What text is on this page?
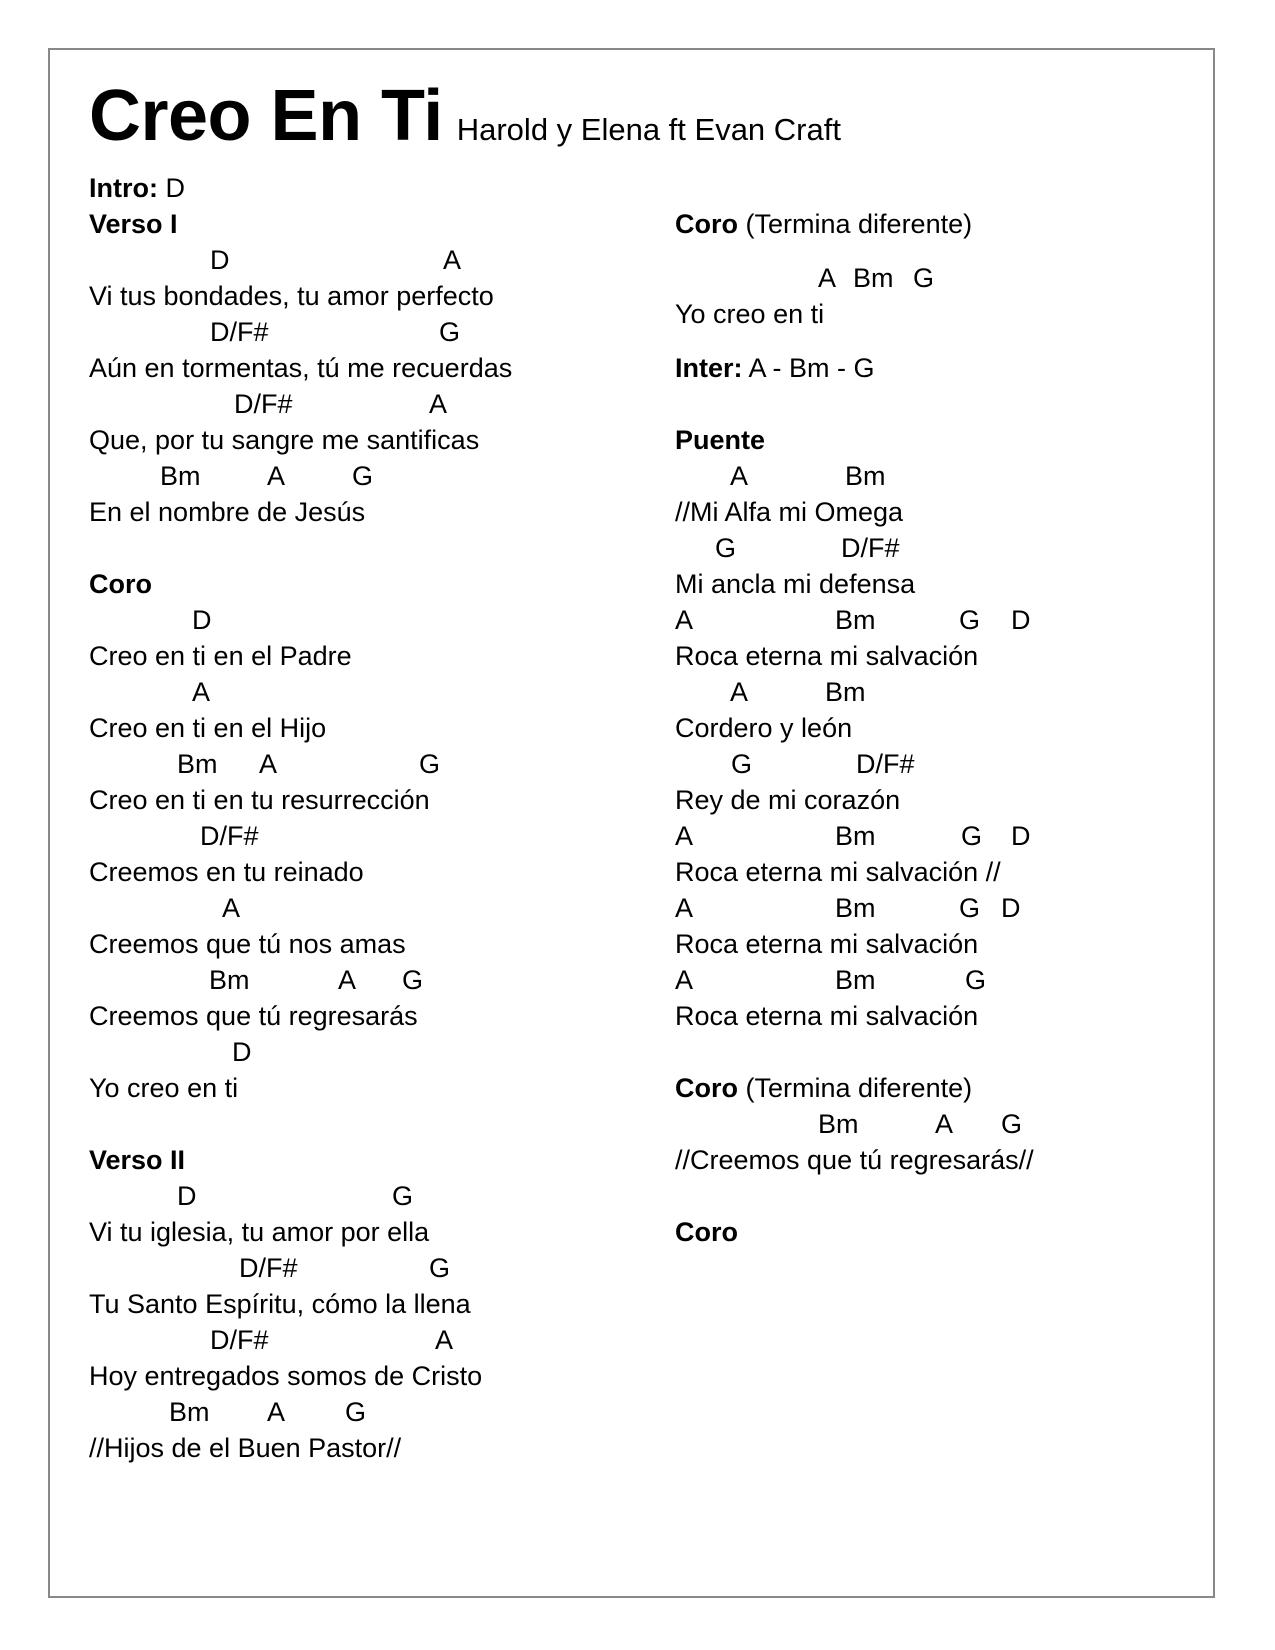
Creo En Ti Harold y Elena ft Evan Craft
Intro: D
Verso I
D	A
Vi tus bondades, tu amor perfecto
D/F#	G
Aún en tormentas, tú me recuerdas
D/F#	A
Que, por tu sangre me santificas
Bm A G
En el nombre de Jesús
Coro
D
Creo en ti en el Padre
A
Creo en ti en el Hijo
Bm A	G
Creo en ti en tu resurrección
D/F#
Creemos en tu reinado
A
Creemos que tú nos amas
Bm	A G
Creemos que tú regresarás
D
Yo creo en ti
Verso II
D	G
Vi tu iglesia, tu amor por ella
D/F#	G
Tu Santo Espíritu, cómo la llena
D/F#	A
Hoy entregados somos de Cristo
Bm A G
//Hijos de el Buen Pastor//
Coro (Termina diferente)
A Bm G
Yo creo en ti
Inter: A - Bm - G
Puente
A	Bm
//Mi Alfa mi Omega
G	D/F#
Mi ancla mi defensa
A	Bm	G D
Roca eterna mi salvación
A	Bm
Cordero y león
G	D/F#
Rey de mi corazón
A	Bm	G D
Roca eterna mi salvación //
A	Bm	G D
Roca eterna mi salvación
A	Bm	G
Roca eterna mi salvación
Coro (Termina diferente)
Bm	A G
//Creemos que tú regresarás//
Coro
